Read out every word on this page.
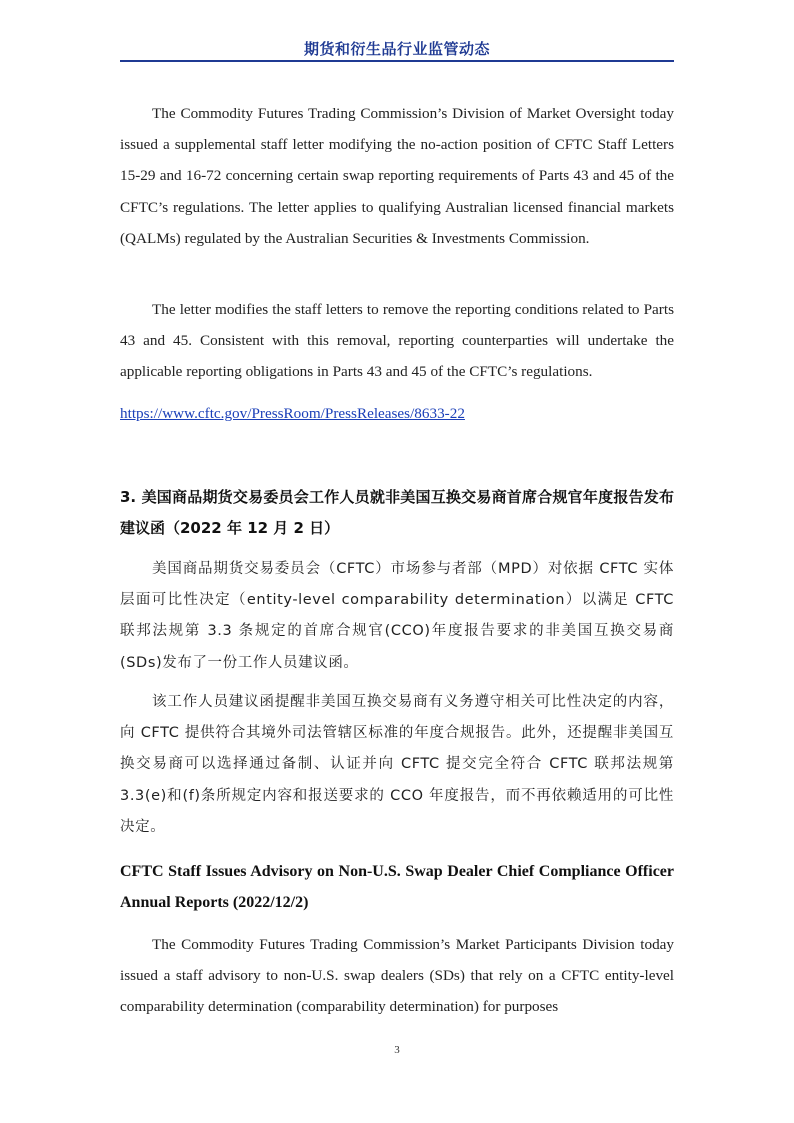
期货和衍生品行业监管动态

The Commodity Futures Trading Commission’s Division of Market Oversight today issued a supplemental staff letter modifying the no-action position of CFTC Staff Letters 15-29 and 16-72 concerning certain swap reporting requirements of Parts 43 and 45 of the CFTC’s regulations. The letter applies to qualifying Australian licensed financial markets (QALMs) regulated by the Australian Securities & Investments Commission.

The letter modifies the staff letters to remove the reporting conditions related to Parts 43 and 45. Consistent with this removal, reporting counterparties will undertake the applicable reporting obligations in Parts 43 and 45 of the CFTC’s regulations.

https://www.cftc.gov/PressRoom/PressReleases/8633-22

3. 美国商品期货交易委员会工作人员就非美国互换交易商首席合规官年度报告发布建议函（2022 年 12 月 2 日）

美国商品期货交易委员会（CFTC）市场参与者部（MPD）对依据 CFTC 实体层面可比性决定（entity-level comparability determination）以满足 CFTC 联邦法规第 3.3 条规定的首席合规官(CCO)年度报告要求的非美国互换交易商(SDs)发布了一份工作人员建议函。

该工作人员建议函提醒非美国互换交易商有义务遵守相关可比性决定的内容，向 CFTC 提供符合其境外司法管辖区标准的年度合规报告。此外，还提醒非美国互换交易商可以选择通过备制、认证并向 CFTC 提交完全符合 CFTC 联邦法规第 3.3(e)和(f)条所规定内容和报送要求的 CCO 年度报告，而不再依赖适用的可比性决定。

CFTC Staff Issues Advisory on Non-U.S. Swap Dealer Chief Compliance Officer Annual Reports (2022/12/2)

The Commodity Futures Trading Commission’s Market Participants Division today issued a staff advisory to non-U.S. swap dealers (SDs) that rely on a CFTC entity-level comparability determination (comparability determination) for purposes

3
